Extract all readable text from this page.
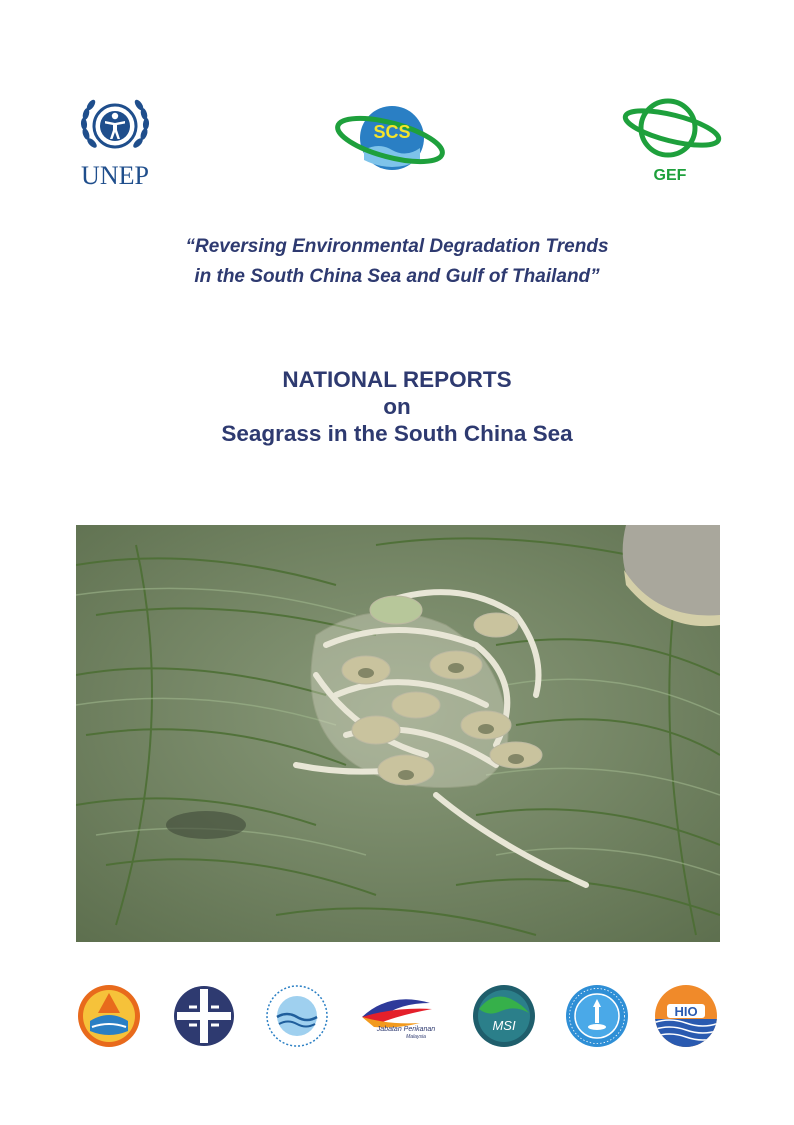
UNEP
SCS
GEF
“Reversing Environmental Degradation Trends
in the South China Sea and Gulf of Thailand”
NATIONAL REPORTS
on
Seagrass in the South China Sea
Jabatan Perikanan
Malaysia
MSI
HIO
